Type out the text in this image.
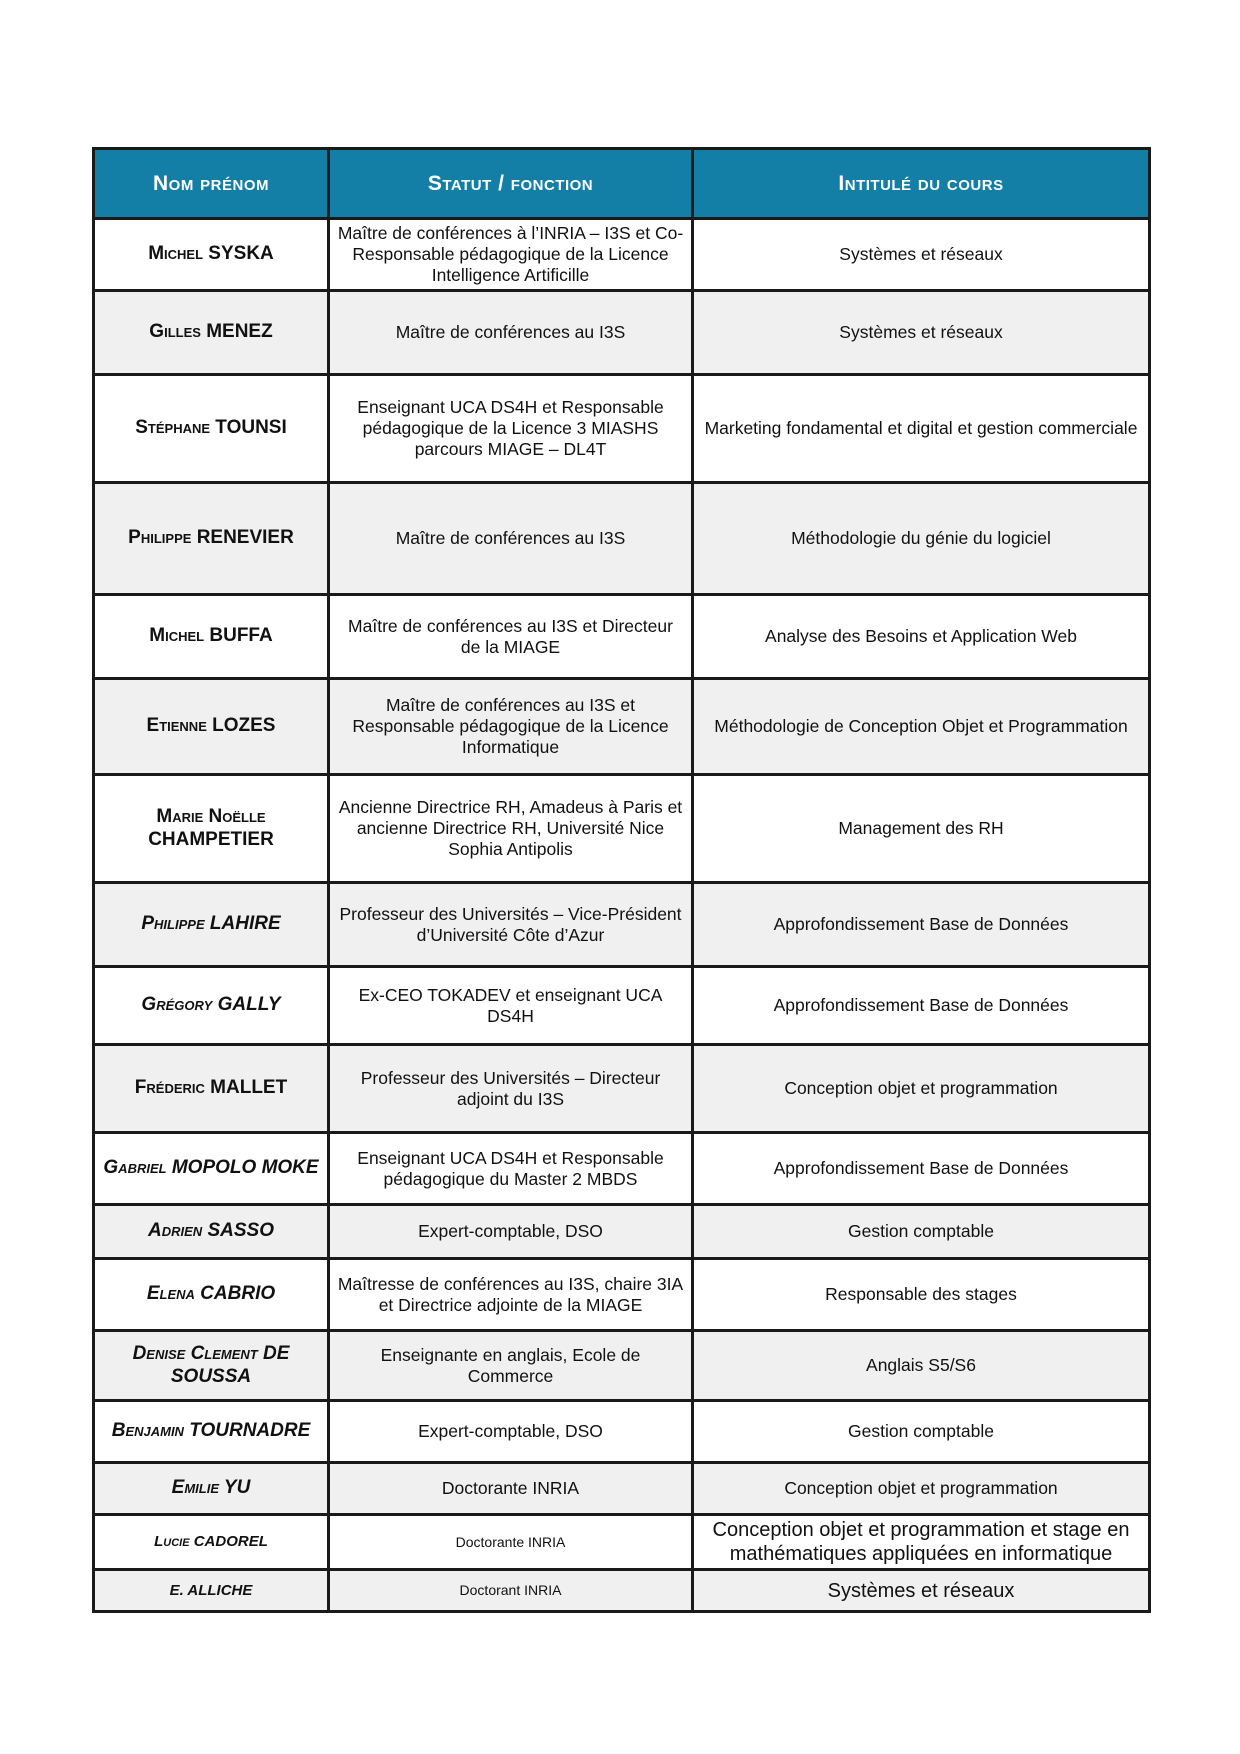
Nom prénom	Statut / fonction	Intitulé du cours
Michel SYSKA	Maître de conférences à l’INRIA – I3S et Co-Responsable pédagogique de la Licence Intelligence Artificille	Systèmes et réseaux
Gilles MENEZ	Maître de conférences au I3S	Systèmes et réseaux
Stéphane TOUNSI	Enseignant UCA DS4H et Responsable pédagogique de la Licence 3 MIASHS parcours MIAGE – DL4T	Marketing fondamental et digital et gestion commerciale
Philippe RENEVIER	Maître de conférences au I3S	Méthodologie du génie du logiciel
Michel BUFFA	Maître de conférences au I3S et Directeur de la MIAGE	Analyse des Besoins et Application Web
Etienne LOZES	Maître de conférences au I3S et Responsable pédagogique de la Licence Informatique	Méthodologie de Conception Objet et Programmation
Marie Noëlle CHAMPETIER	Ancienne Directrice RH, Amadeus à Paris et ancienne Directrice RH, Université Nice Sophia Antipolis	Management des RH
Philippe LAHIRE	Professeur des Universités – Vice-Président d’Université Côte d’Azur	Approfondissement Base de Données
Grégory GALLY	Ex-CEO TOKADEV et enseignant UCA DS4H	Approfondissement Base de Données
Fréderic MALLET	Professeur des Universités – Directeur adjoint du I3S	Conception objet et programmation
Gabriel MOPOLO MOKE	Enseignant UCA DS4H et Responsable pédagogique du Master 2 MBDS	Approfondissement Base de Données
Adrien SASSO	Expert-comptable, DSO	Gestion comptable
Elena CABRIO	Maîtresse de conférences au I3S, chaire 3IA et Directrice adjointe de la MIAGE	Responsable des stages
Denise Clement DE SOUSSA	Enseignante en anglais, Ecole de Commerce	Anglais S5/S6
Benjamin TOURNADRE	Expert-comptable, DSO	Gestion comptable
Emilie YU	Doctorante INRIA	Conception objet et programmation
Lucie CADOREL	Doctorante INRIA	Conception objet et programmation et stage en mathématiques appliquées en informatique
E. ALLICHE	Doctorant INRIA	Systèmes et réseaux
